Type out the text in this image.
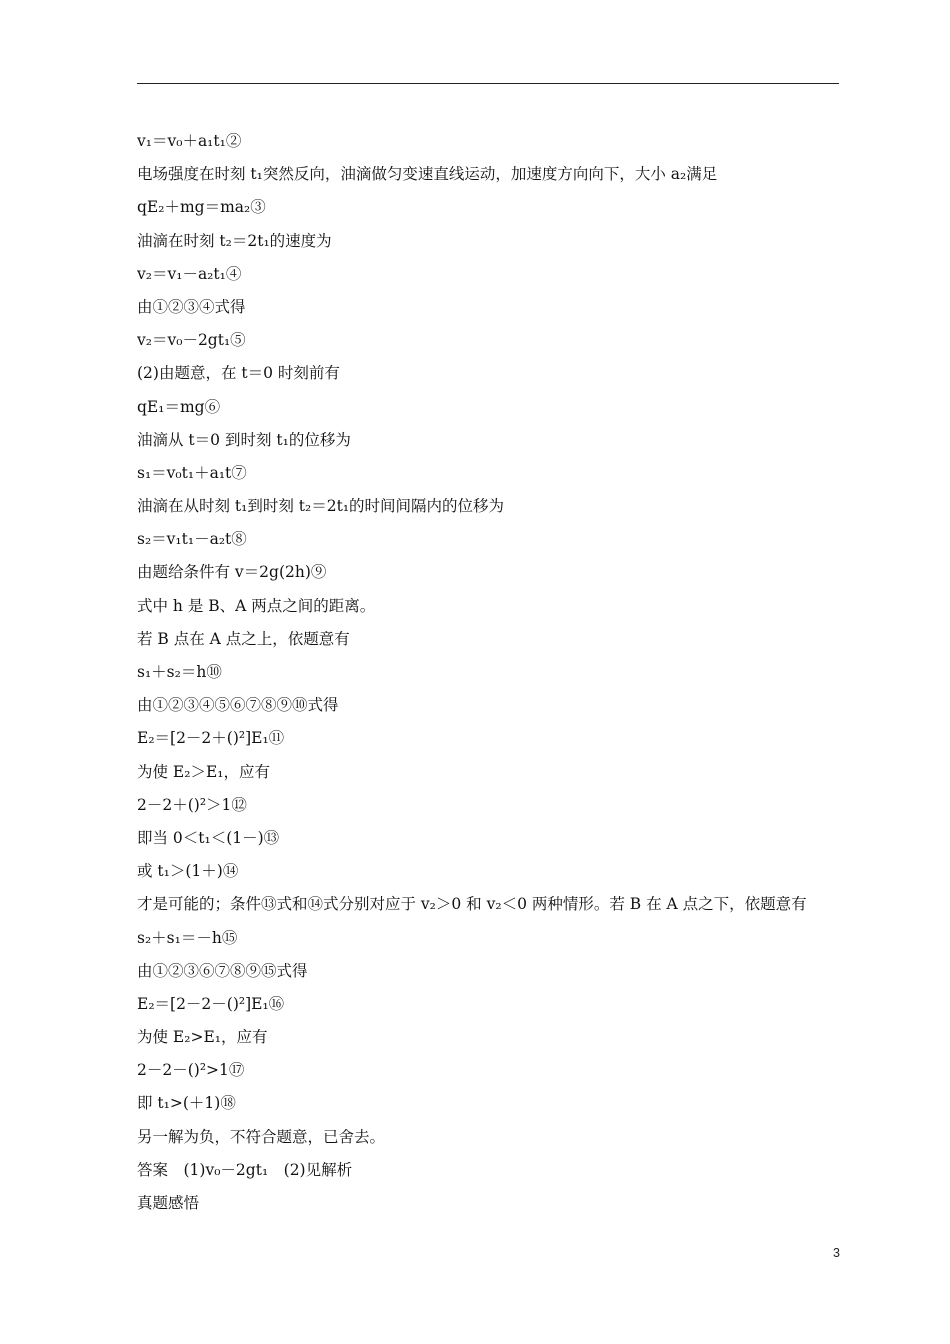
v₁＝v₀＋a₁t₁②
电场强度在时刻 t₁突然反向，油滴做匀变速直线运动，加速度方向向下，大小 a₂满足
qE₂＋mg＝ma₂③
油滴在时刻 t₂＝2t₁的速度为
v₂＝v₁－a₂t₁④
由①②③④式得
v₂＝v₀－2gt₁⑤
(2)由题意，在 t＝0 时刻前有
qE₁＝mg⑥
油滴从 t＝0 到时刻 t₁的位移为
s₁＝v₀t₁＋a₁t⑦
油滴在从时刻 t₁到时刻 t₂＝2t₁的时间间隔内的位移为
s₂＝v₁t₁－a₂t⑧
由题给条件有 v＝2g(2h)⑨
式中 h 是 B、A 两点之间的距离。
若 B 点在 A 点之上，依题意有
s₁＋s₂＝h⑩
由①②③④⑤⑥⑦⑧⑨⑩式得
E₂＝[2－2＋()²]E₁⑪
为使 E₂＞E₁，应有
2－2＋()²＞1⑫
即当 0＜t₁＜(1－)⑬
或 t₁＞(1＋)⑭
才是可能的；条件⑬式和⑭式分别对应于 v₂＞0 和 v₂＜0 两种情形。若 B 在 A 点之下，依题意有
s₂＋s₁＝－h⑮
由①②③⑥⑦⑧⑨⑮式得
E₂＝[2－2－()²]E₁⑯
为使 E₂>E₁，应有
2－2－()²>1⑰
即 t₁>(＋1)⑱
另一解为负，不符合题意，已舍去。
答案　(1)v₀－2gt₁　(2)见解析
真题感悟
3
